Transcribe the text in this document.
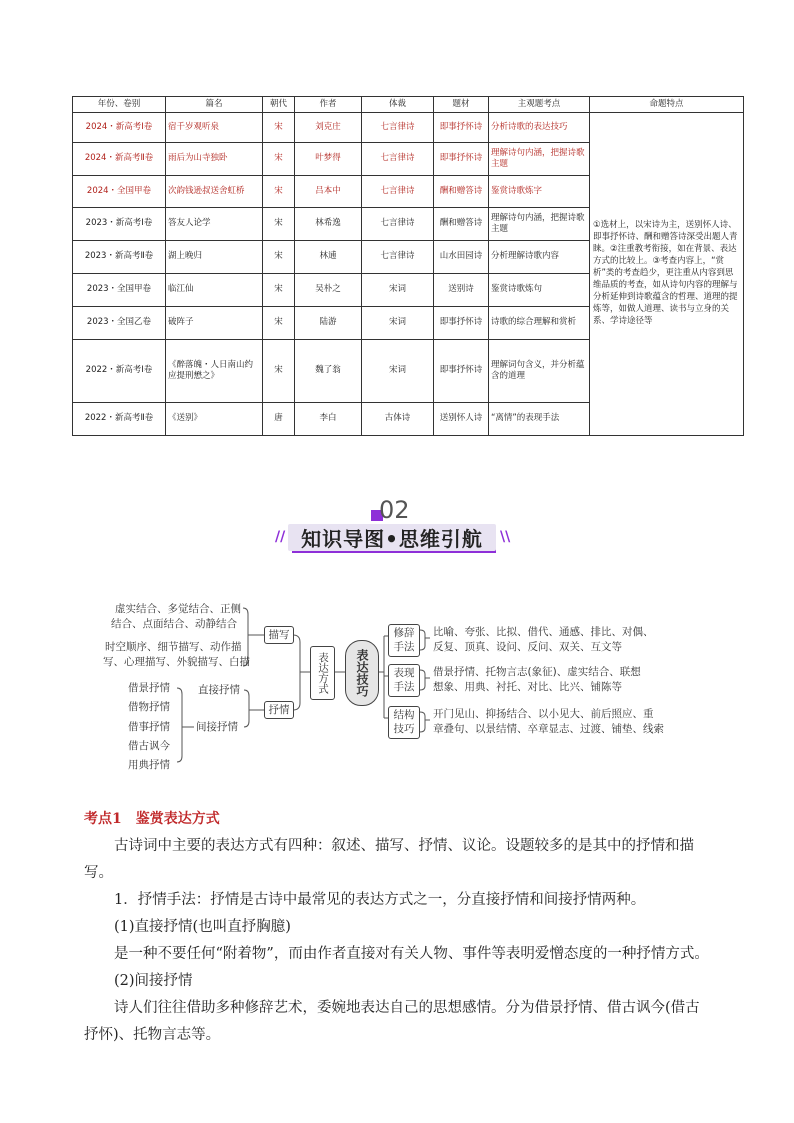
年份、卷别	篇名	朝代	作者	体裁	题材	主观题考点	命题特点
2024・新高考Ⅰ卷	宿千岁观听泉	宋	刘克庄	七言律诗	即事抒怀诗	分析诗歌的表达技巧	①选材上，以宋诗为主，送别怀人诗、即事抒怀诗、酬和赠答诗深受出题人青睐。②注重教考衔接，如在背景、表达方式的比较上。③考查内容上，“赏析”类的考查趋少，更注重从内容到思维品质的考查，如从诗句内容的理解与分析延伸到诗歌蕴含的哲理、道理的提炼等，如做人道理、读书与立身的关系、学诗途径等
2024・新高考Ⅱ卷	雨后为山寺独卧	宋	叶梦得	七言律诗	即事抒怀诗	理解诗句内涵，把握诗歌主题	
2024・全国甲卷	次韵钱逊叔送舍虹桥	宋	吕本中	七言律诗	酬和赠答诗	鉴赏诗歌炼字	
2023・新高考Ⅰ卷	答友人论学	宋	林希逸	七言律诗	酬和赠答诗	理解诗句内涵，把握诗歌主题	
2023・新高考Ⅱ卷	湖上晚归	宋	林逋	七言律诗	山水田园诗	分析理解诗歌内容	
2023・全国甲卷	临江仙	宋	吴朴之	宋词	送别诗	鉴赏诗歌炼句	
2023・全国乙卷	破阵子	宋	陆游	宋词	即事抒怀诗	诗歌的综合理解和赏析	
2022・新高考Ⅰ卷	《醉落魄・人日南山约应提刑懋之》	宋	魏了翁	宋词	即事抒怀诗	理解词句含义，并分析蕴含的道理	
2022・新高考Ⅱ卷	《送别》	唐	李白	古体诗	送别怀人诗	“离情”的表现手法	
02
知识导图•思维引航
//	\\
虚实结合、多觉结合、正侧
结合、点面结合、动静结合
时空顺序、细节描写、动作描
写、心理描写、外貌描写、白描
描写
抒情
直接抒情
间接抒情
借景抒情
借物抒情
借事抒情
借古讽今
用典抒情
表达方式	表达技巧
修辞手法
表现手法
结构技巧
比喻、夸张、比拟、借代、通感、排比、对偶、
反复、顶真、设问、反问、双关、互文等
借景抒情、托物言志(象征)、虚实结合、联想
想象、用典、衬托、对比、比兴、铺陈等
开门见山、抑扬结合、以小见大、前后照应、重
章叠句、以景结情、卒章显志、过渡、铺垫、线索

考点1　鉴赏表达方式

古诗词中主要的表达方式有四种：叙述、描写、抒情、议论。设题较多的是其中的抒情和描写。

1．抒情手法：抒情是古诗中最常见的表达方式之一，分直接抒情和间接抒情两种。

(1)直接抒情(也叫直抒胸臆)

是一种不要任何“附着物”，而由作者直接对有关人物、事件等表明爱憎态度的一种抒情方式。

(2)间接抒情

诗人们往往借助多种修辞艺术，委婉地表达自己的思想感情。分为借景抒情、借古讽今(借古抒怀)、托物言志等。
